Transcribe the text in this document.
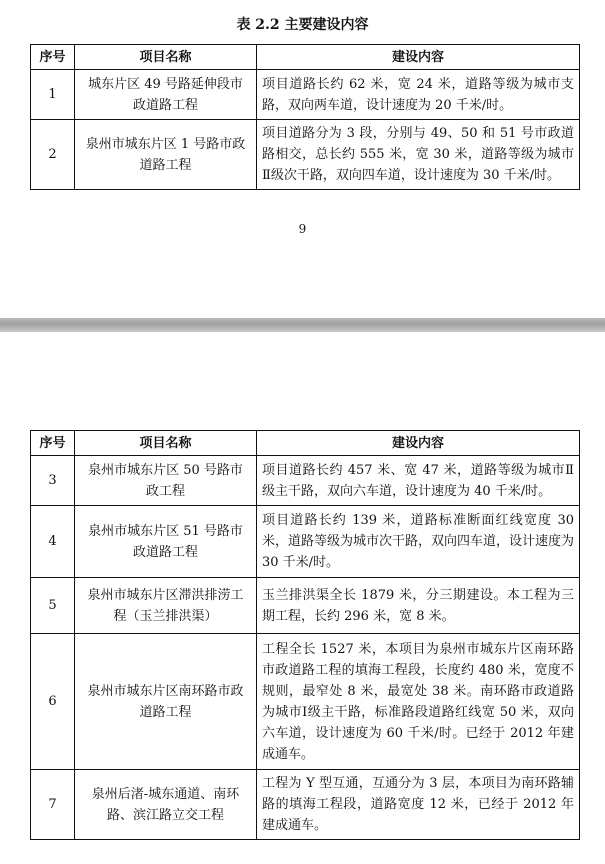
表 2.2 主要建设内容
序号	项目名称	建设内容
1	城东片区 49 号路延伸段市政道路工程	项目道路长约 62 米，宽 24 米，道路等级为城市支路，双向两车道，设计速度为 20 千米/时。
2	泉州市城东片区 1 号路市政道路工程	项目道路分为 3 段，分别与 49、50 和 51 号市政道路相交，总长约 555 米，宽 30 米，道路等级为城市Ⅱ级次干路，双向四车道，设计速度为 30 千米/时。
9
序号	项目名称	建设内容
3	泉州市城东片区 50 号路市政工程	项目道路长约 457 米、宽 47 米，道路等级为城市Ⅱ级主干路，双向六车道，设计速度为 40 千米/时。
4	泉州市城东片区 51 号路市政道路工程	项目道路长约 139 米，道路标准断面红线宽度 30 米，道路等级为城市次干路，双向四车道，设计速度为 30 千米/时。
5	泉州市城东片区滞洪排涝工程（玉兰排洪渠）	玉兰排洪渠全长 1879 米，分三期建设。本工程为三期工程，长约 296 米，宽 8 米。
6	泉州市城东片区南环路市政道路工程	工程全长 1527 米，本项目为泉州市城东片区南环路市政道路工程的填海工程段，长度约 480 米，宽度不规则，最窄处 8 米，最宽处 38 米。南环路市政道路为城市Ⅰ级主干路，标准路段道路红线宽 50 米，双向六车道，设计速度为 60 千米/时。已经于 2012 年建成通车。
7	泉州后渚-城东通道、南环路、滨江路立交工程	工程为 Y 型互通，互通分为 3 层，本项目为南环路辅路的填海工程段，道路宽度 12 米，已经于 2012 年建成通车。
